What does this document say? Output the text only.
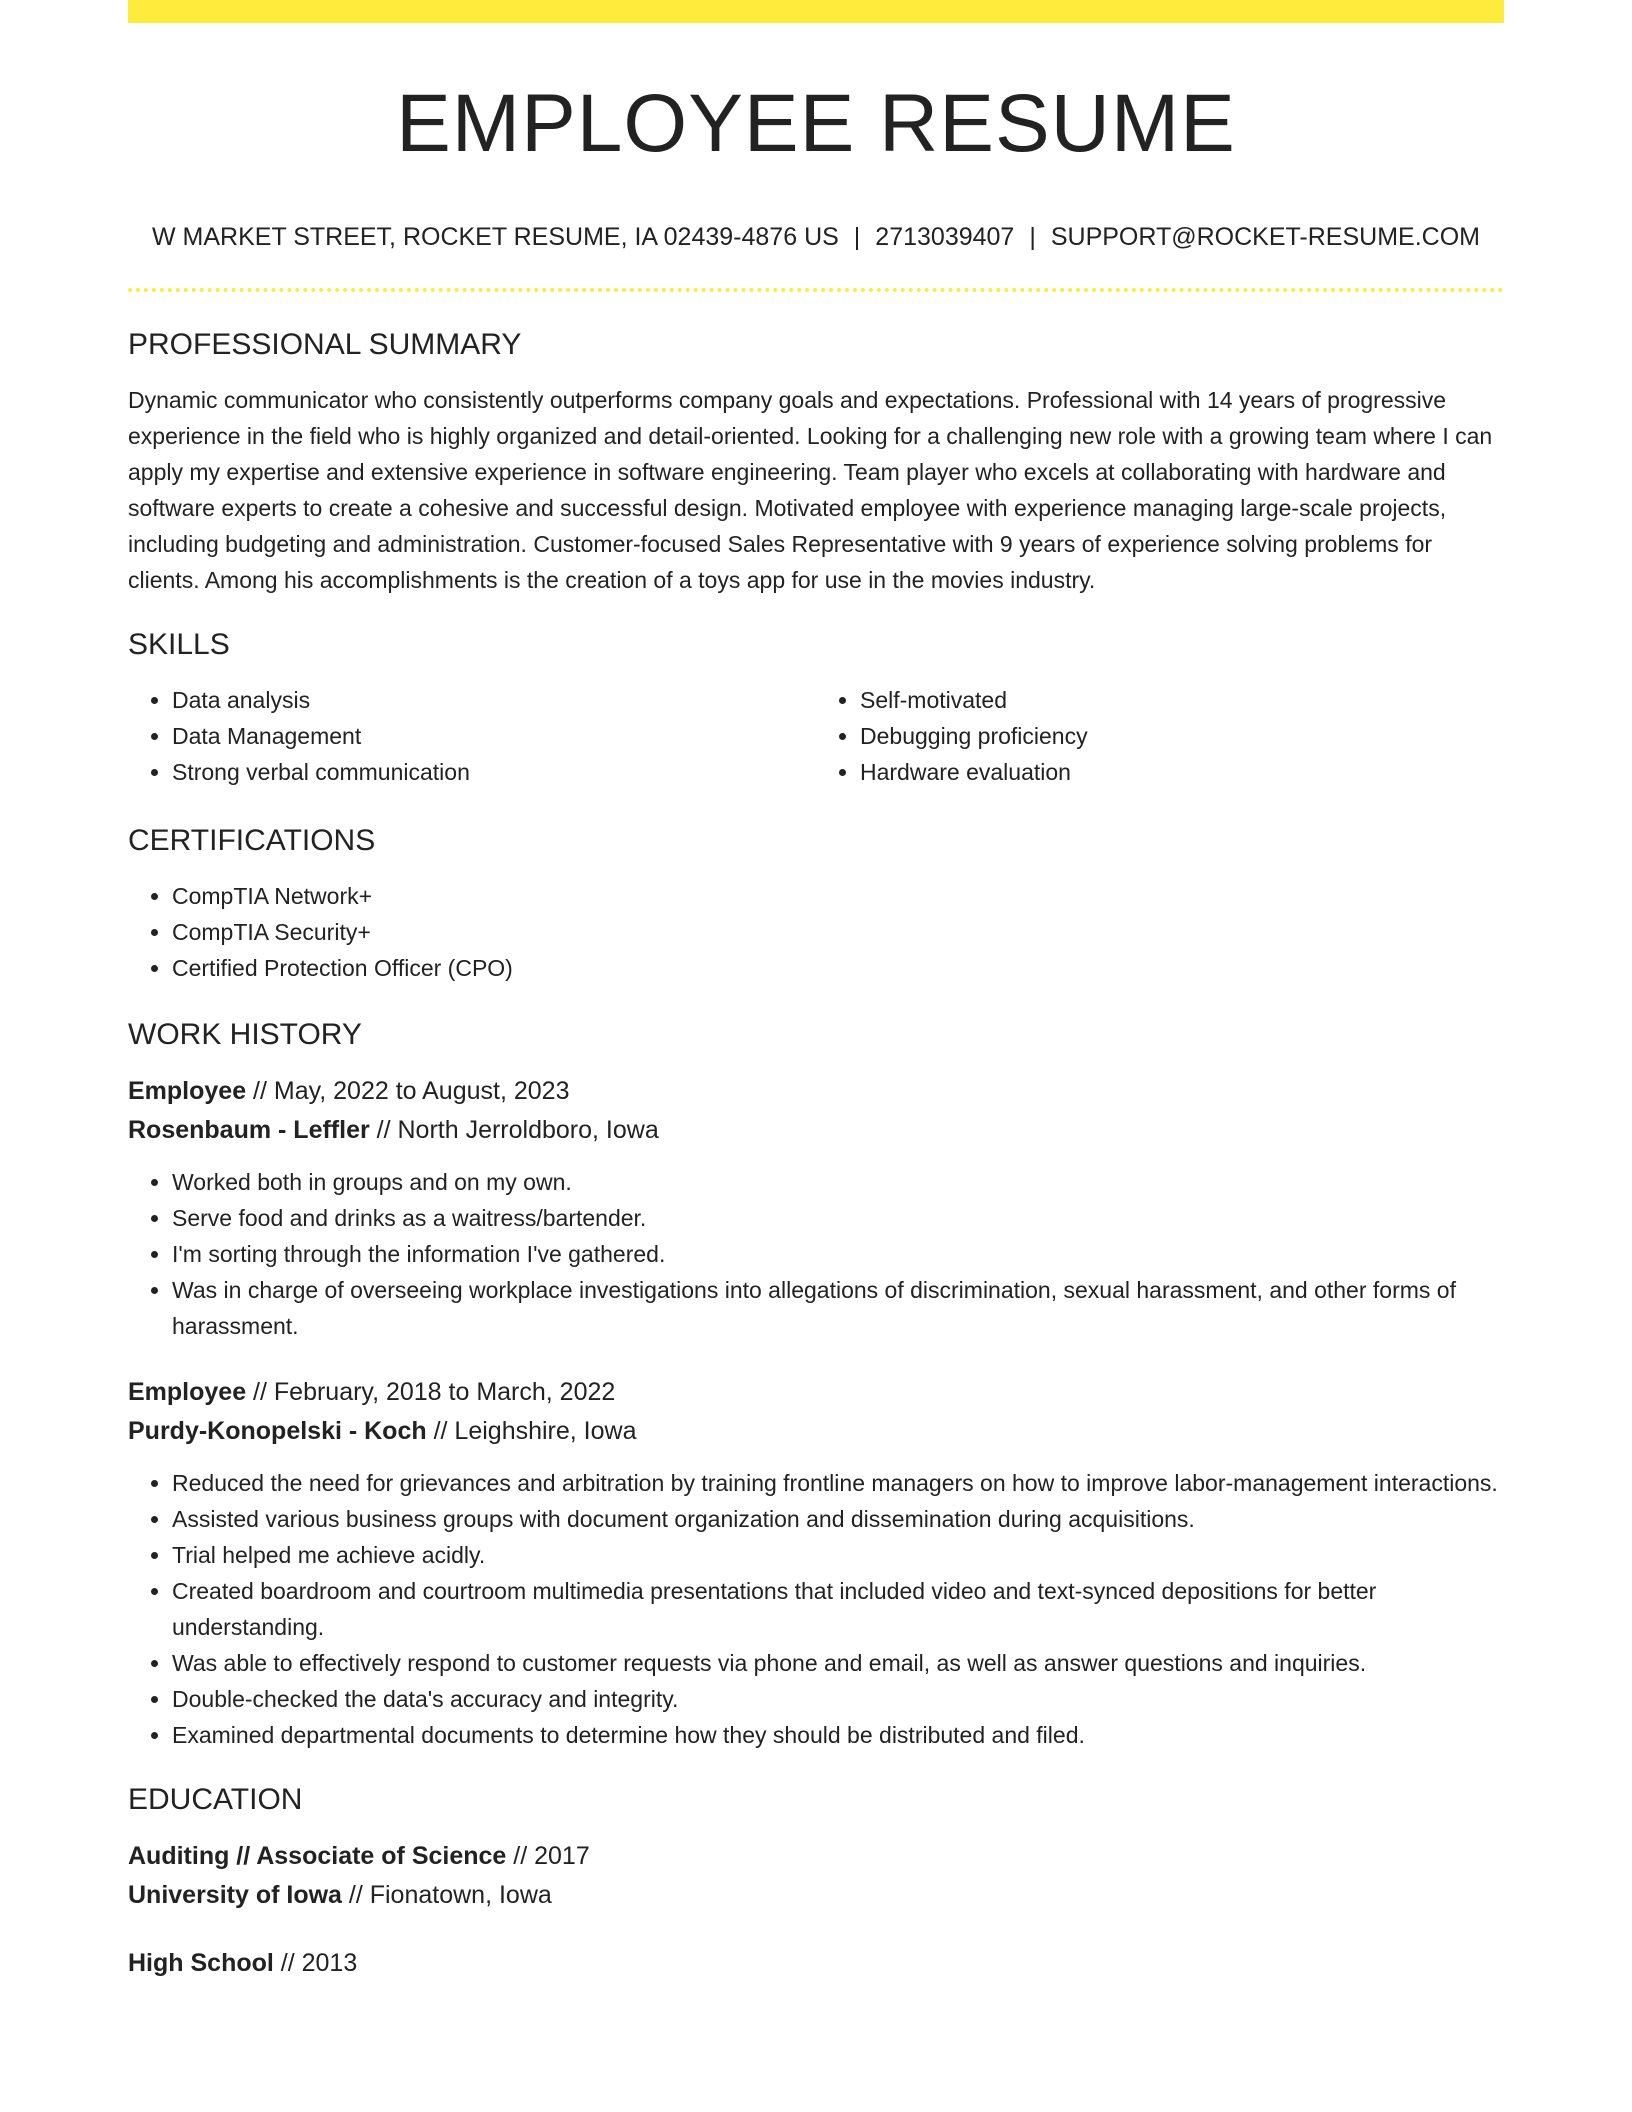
EMPLOYEE RESUME
W MARKET STREET, ROCKET RESUME, IA 02439-4876 US | 2713039407 | SUPPORT@ROCKET-RESUME.COM
PROFESSIONAL SUMMARY
Dynamic communicator who consistently outperforms company goals and expectations. Professional with 14 years of progressive experience in the field who is highly organized and detail-oriented. Looking for a challenging new role with a growing team where I can apply my expertise and extensive experience in software engineering. Team player who excels at collaborating with hardware and software experts to create a cohesive and successful design. Motivated employee with experience managing large-scale projects, including budgeting and administration. Customer-focused Sales Representative with 9 years of experience solving problems for clients. Among his accomplishments is the creation of a toys app for use in the movies industry.
SKILLS
• Data analysis
• Data Management
• Strong verbal communication
• Self-motivated
• Debugging proficiency
• Hardware evaluation
CERTIFICATIONS
• CompTIA Network+
• CompTIA Security+
• Certified Protection Officer (CPO)
WORK HISTORY
Employee // May, 2022 to August, 2023
Rosenbaum - Leffler // North Jerroldboro, Iowa
• Worked both in groups and on my own.
• Serve food and drinks as a waitress/bartender.
• I'm sorting through the information I've gathered.
• Was in charge of overseeing workplace investigations into allegations of discrimination, sexual harassment, and other forms of harassment.
Employee // February, 2018 to March, 2022
Purdy-Konopelski - Koch // Leighshire, Iowa
• Reduced the need for grievances and arbitration by training frontline managers on how to improve labor-management interactions.
• Assisted various business groups with document organization and dissemination during acquisitions.
• Trial helped me achieve acidly.
• Created boardroom and courtroom multimedia presentations that included video and text-synced depositions for better understanding.
• Was able to effectively respond to customer requests via phone and email, as well as answer questions and inquiries.
• Double-checked the data's accuracy and integrity.
• Examined departmental documents to determine how they should be distributed and filed.
EDUCATION
Auditing // Associate of Science // 2017
University of Iowa // Fionatown, Iowa
High School // 2013
